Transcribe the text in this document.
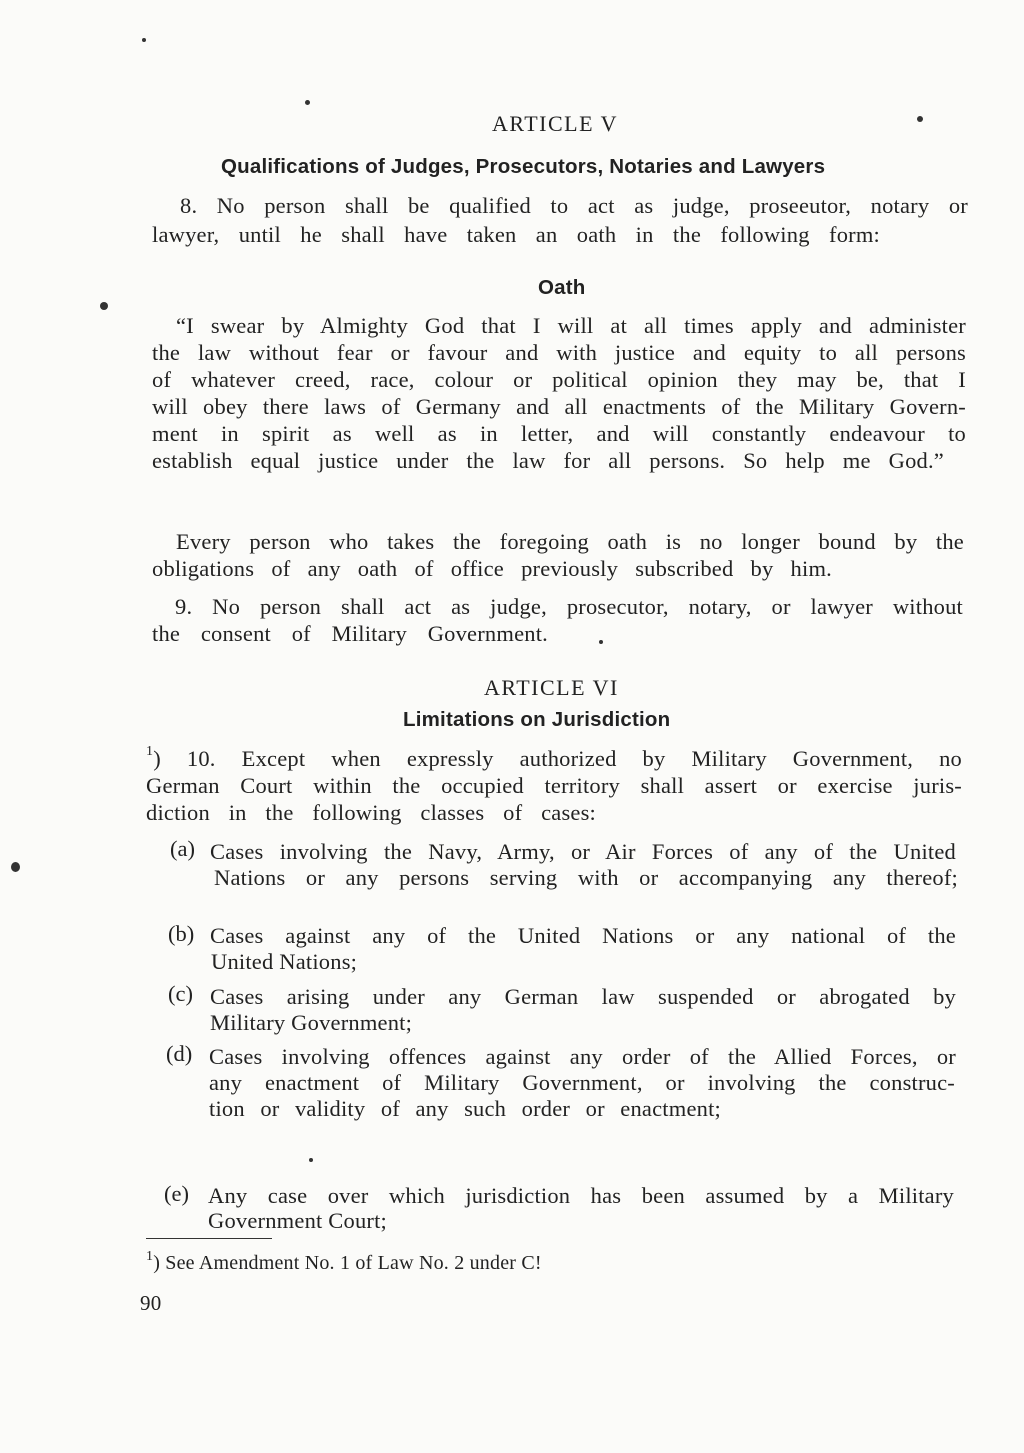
ARTICLE V
Qualifications of Judges, Prosecutors, Notaries and Lawyers
8. No person shall be qualified to act as judge, proseeutor, notary or
lawyer, until he shall have taken an oath in the following form:
Oath
“I swear by Almighty God that I will at all times apply and administer
the law without fear or favour and with justice and equity to all persons
of whatever creed, race, colour or political opinion they may be, that I
will obey there laws of Germany and all enactments of the Military Govern-
ment in spirit as well as in letter, and will constantly endeavour to
establish equal justice under the law for all persons. So help me God.”
Every person who takes the foregoing oath is no longer bound by the
obligations of any oath of office previously subscribed by him.
9. No person shall act as judge, prosecutor, notary, or lawyer without
the consent of Military Government.
ARTICLE VI
Limitations on Jurisdiction
1 ) 10. Except when expressly authorized by Military Government, no
German Court within the occupied territory shall assert or exercise juris-
diction in the following classes of cases:
(a) Cases involving the Navy, Army, or Air Forces of any of the United
Nations or any persons serving with or accompanying any thereof;
(b) Cases against any of the United Nations or any national of the
United Nations;
(c) Cases arising under any German law suspended or abrogated by
Military Government;
(d) Cases involving offences against any order of the Allied Forces, or
any enactment of Military Government, or involving the construc-
tion or validity of any such order or enactment;
(e) Any case over which jurisdiction has been assumed by a Military
Government Court;
$^1$) See Amendment No. 1 of Law No. 2 under C!
90
